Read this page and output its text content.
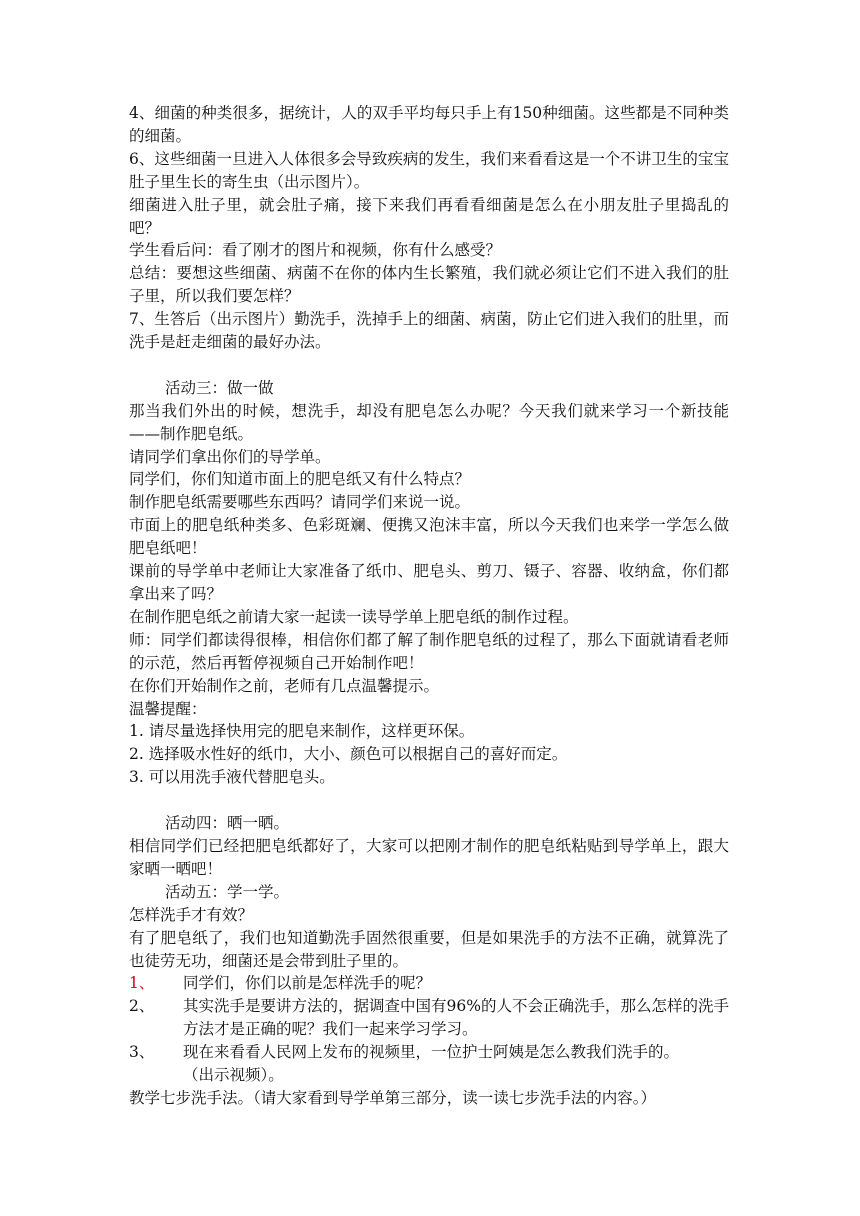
4、细菌的种类很多，据统计，人的双手平均每只手上有150种细菌。这些都是不同种类的细菌。

6、这些细菌一旦进入人体很多会导致疾病的发生，我们来看看这是一个不讲卫生的宝宝肚子里生长的寄生虫（出示图片）。

细菌进入肚子里，就会肚子痛，接下来我们再看看细菌是怎么在小朋友肚子里捣乱的吧？

学生看后问：看了刚才的图片和视频，你有什么感受？

总结：要想这些细菌、病菌不在你的体内生长繁殖，我们就必须让它们不进入我们的肚子里，所以我们要怎样？

7、生答后（出示图片）勤洗手，洗掉手上的细菌、病菌，防止它们进入我们的肚里，而洗手是赶走细菌的最好办法。

活动三：做一做

那当我们外出的时候，想洗手，却没有肥皂怎么办呢？今天我们就来学习一个新技能——制作肥皂纸。

请同学们拿出你们的导学单。

同学们，你们知道市面上的肥皂纸又有什么特点？

制作肥皂纸需要哪些东西吗？请同学们来说一说。

市面上的肥皂纸种类多、色彩斑斓、便携又泡沫丰富，所以今天我们也来学一学怎么做肥皂纸吧！

课前的导学单中老师让大家准备了纸巾、肥皂头、剪刀、镊子、容器、收纳盒，你们都拿出来了吗？

在制作肥皂纸之前请大家一起读一读导学单上肥皂纸的制作过程。

师：同学们都读得很棒，相信你们都了解了制作肥皂纸的过程了，那么下面就请看老师的示范，然后再暂停视频自己开始制作吧！

在你们开始制作之前，老师有几点温馨提示。

温馨提醒：

1. 请尽量选择快用完的肥皂来制作，这样更环保。

2. 选择吸水性好的纸巾，大小、颜色可以根据自己的喜好而定。

3. 可以用洗手液代替肥皂头。

活动四：晒一晒。

相信同学们已经把肥皂纸都好了，大家可以把刚才制作的肥皂纸粘贴到导学单上，跟大家晒一晒吧！

活动五：学一学。

怎样洗手才有效？

有了肥皂纸了，我们也知道勤洗手固然很重要，但是如果洗手的方法不正确，就算洗了也徒劳无功，细菌还是会带到肚子里的。

1、	同学们，你们以前是怎样洗手的呢？
2、	其实洗手是要讲方法的，据调查中国有96%的人不会正确洗手，那么怎样的洗手方法才是正确的呢？我们一起来学习学习。
3、	现在来看看人民网上发布的视频里，一位护士阿姨是怎么教我们洗手的。
（出示视频）。

教学七步洗手法。（请大家看到导学单第三部分，读一读七步洗手法的内容。）
